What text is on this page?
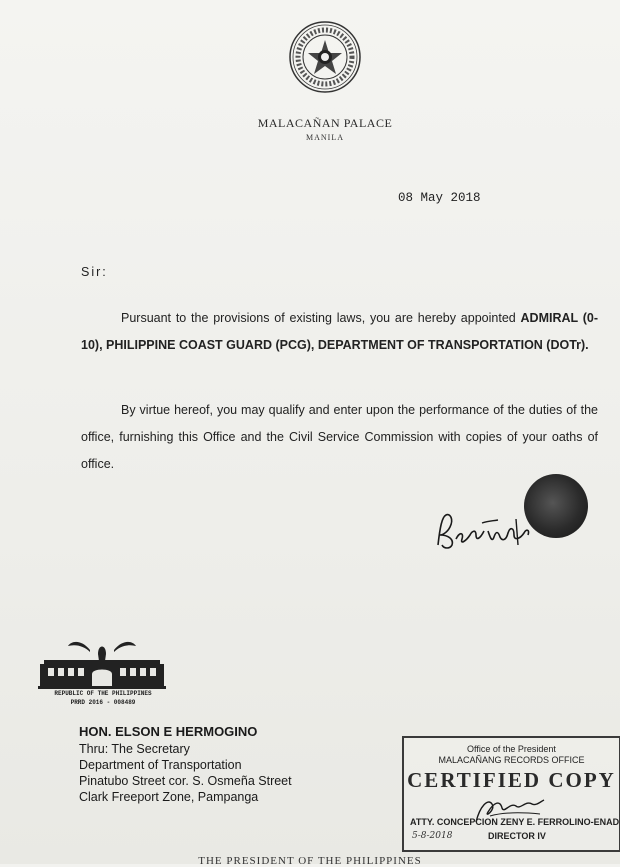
MALACAÑAN PALACE
MANILA
08 May 2018
Sir:
Pursuant to the provisions of existing laws, you are hereby appointed ADMIRAL (0-10), PHILIPPINE COAST GUARD (PCG), DEPARTMENT OF TRANSPORTATION (DOTr).
By virtue hereof, you may qualify and enter upon the performance of the duties of the office, furnishing this Office and the Civil Service Commission with copies of your oaths of office.
REPUBLIC OF THE PHILIPPINES
PRRD 2016 - 008489
HON. ELSON E HERMOGINO
Thru: The Secretary
Department of Transportation
Pinatubo Street cor. S. Osmeña Street
Clark Freeport Zone, Pampanga
Office of the President
MALACAÑANG RECORDS OFFICE
CERTIFIED COPY
ATTY. CONCEPCION ZENY E. FERROLINO-ENAD
5-8-2018	DIRECTOR IV
THE PRESIDENT OF THE PHILIPPINES
